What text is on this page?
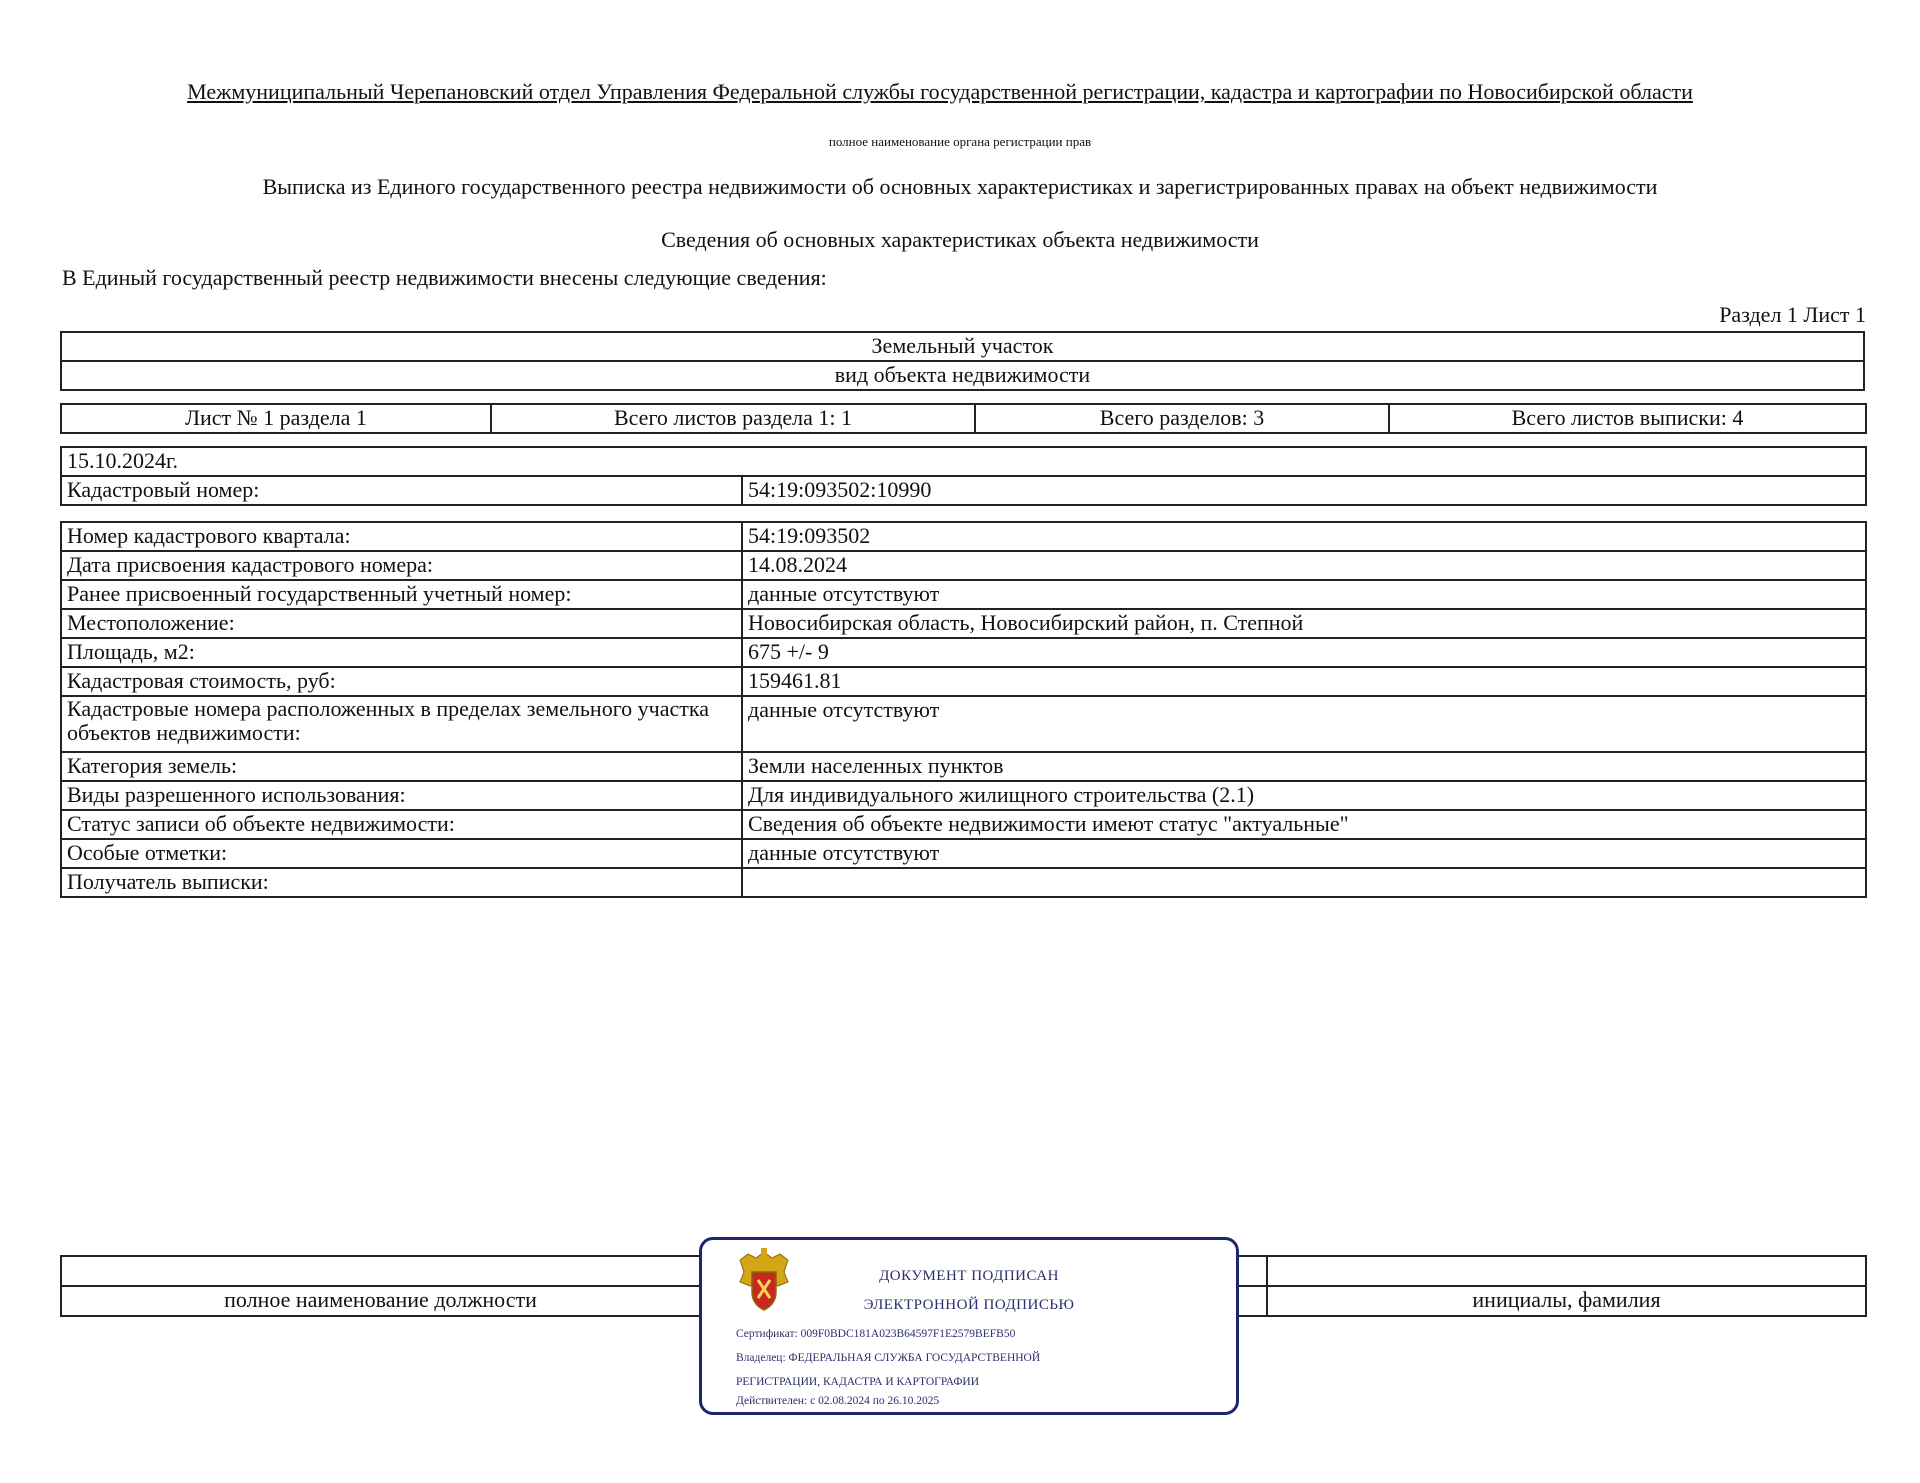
Межмуниципальный Черепановский отдел Управления Федеральной службы государственной регистрации, кадастра и картографии по Новосибирской области
полное наименование органа регистрации прав
Выписка из Единого государственного реестра недвижимости об основных характеристиках и зарегистрированных правах на объект недвижимости
Сведения об основных характеристиках объекта недвижимости
В Единый государственный реестр недвижимости внесены следующие сведения:
Раздел 1 Лист 1
Земельный участок
вид объекта недвижимости
Лист № 1 раздела 1	Всего листов раздела 1: 1	Всего разделов: 3	Всего листов выписки: 4
15.10.2024г.
Кадастровый номер:	54:19:093502:10990
Номер кадастрового квартала:	54:19:093502
Дата присвоения кадастрового номера:	14.08.2024
Ранее присвоенный государственный учетный номер:	данные отсутствуют
Местоположение:	Новосибирская область, Новосибирский район, п. Степной
Площадь, м2:	675 +/- 9
Кадастровая стоимость, руб:	159461.81
Кадастровые номера расположенных в пределах земельного участка объектов недвижимости:	данные отсутствуют
Категория земель:	Земли населенных пунктов
Виды разрешенного использования:	Для индивидуального жилищного строительства (2.1)
Статус записи об объекте недвижимости:	Сведения об объекте недвижимости имеют статус "актуальные"
Особые отметки:	данные отсутствуют
Получатель выписки:	

полное наименование должности		инициалы, фамилия
ДОКУМЕНТ ПОДПИСАН
ЭЛЕКТРОННОЙ ПОДПИСЬЮ
Сертификат: 009F0BDC181A023B64597F1E2579BEFB50
Владелец: ФЕДЕРАЛЬНАЯ СЛУЖБА ГОСУДАРСТВЕННОЙ
РЕГИСТРАЦИИ, КАДАСТРА И КАРТОГРАФИИ
Действителен: с 02.08.2024 по 26.10.2025
